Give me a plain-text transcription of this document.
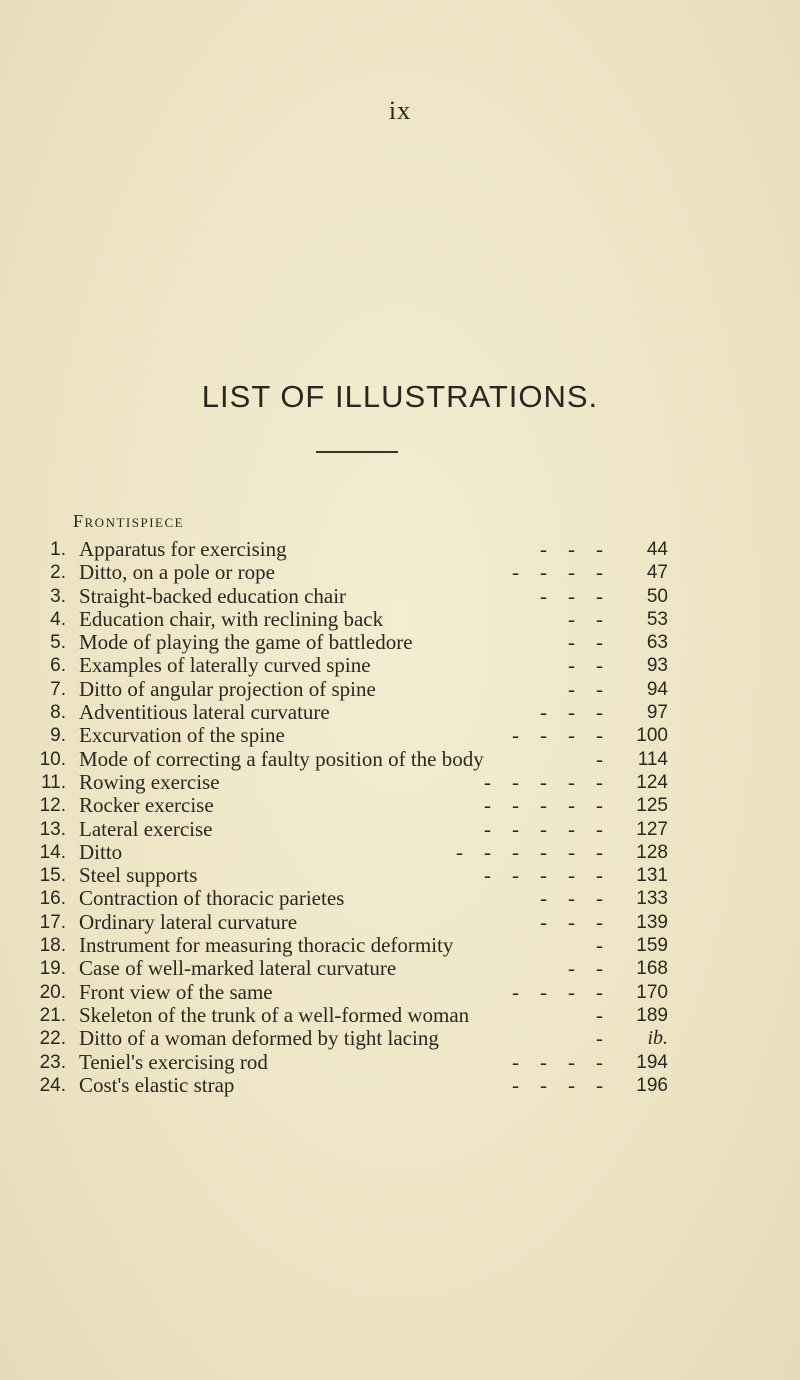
ix
LIST OF ILLUSTRATIONS.
Frontispiece
1. Apparatus for exercising	-    -    - 44
2. Ditto, on a pole or rope	-    -    -    - 47
3. Straight-backed education chair	-    -    - 50
4. Education chair, with reclining back	-    - 53
5. Mode of playing the game of battledore	-    - 63
6. Examples of laterally curved spine	-    - 93
7. Ditto of angular projection of spine	-    - 94
8. Adventitious lateral curvature	-    -    - 97
9. Excurvation of the spine	-    -    -    - 100
10. Mode of correcting a faulty position of the body	- 114
11. Rowing exercise	-    -    -    -    - 124
12. Rocker exercise	-    -    -    -    - 125
13. Lateral exercise	-    -    -    -    - 127
14. Ditto	-    -    -    -    -    - 128
15. Steel supports	-    -    -    -    - 131
16. Contraction of thoracic parietes	-    -    - 133
17. Ordinary lateral curvature	-    -    - 139
18. Instrument for measuring thoracic deformity	- 159
19. Case of well-marked lateral curvature	-    - 168
20. Front view of the same	-    -    -    - 170
21. Skeleton of the trunk of a well-formed woman	- 189
22. Ditto of a woman deformed by tight lacing	- ib.
23. Teniel's exercising rod	-    -    -    - 194
24. Cost's elastic strap	-    -    -    - 196
